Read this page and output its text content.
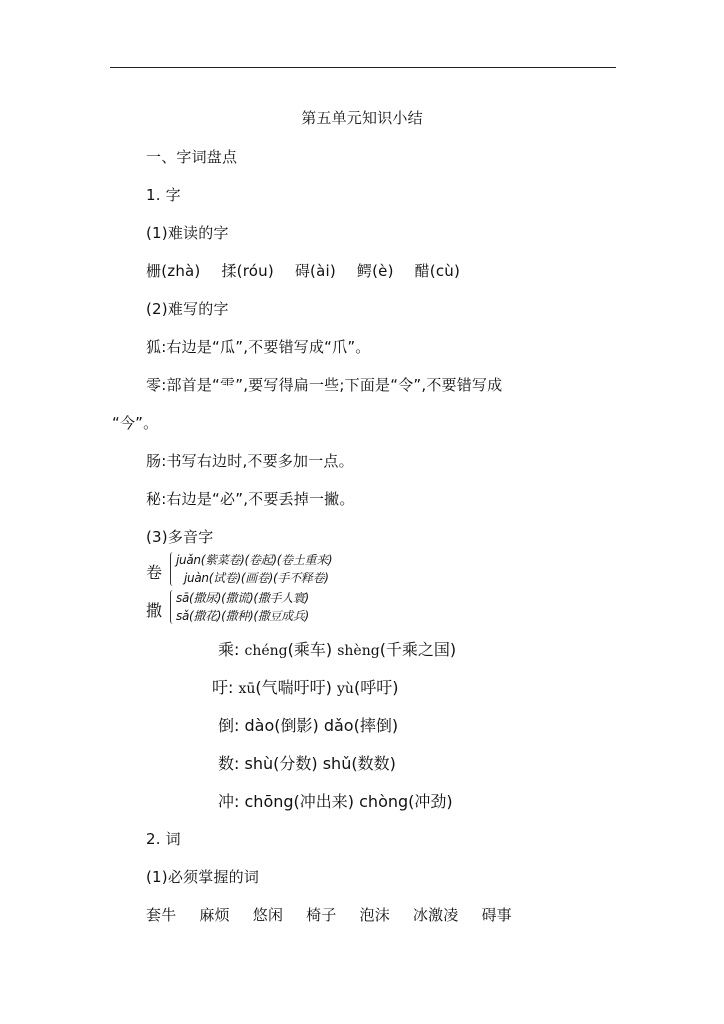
第五单元知识小结
一、字词盘点
1. 字
(1)难读的字
栅(zhà) 揉(róu) 碍(ài) 鳄(è) 醋(cù)
(2)难写的字
狐:右边是“瓜”,不要错写成“爪”。
零:部首是“⻗”,要写得扁一些;下面是“令”,不要错写成
“今”。
肠:书写右边时,不要多加一点。
秘:右边是“必”,不要丢掉一撇。
(3)多音字
卷
juǎn(紫菜卷)(卷起)(卷土重来)
juàn(试卷)(画卷)(手不释卷)
撒
sā(撒尿)(撒谎)(撒手人寰)
sǎ(撒花)(撒种)(撒豆成兵)
乘: chéng(乘车) shèng(千乘之国)
吁: xū(气喘吁吁) yù(呼吁)
倒: dào(倒影) dǎo(摔倒)
数: shù(分数) shǔ(数数)
冲: chōng(冲出来) chòng(冲劲)
2. 词
(1)必须掌握的词
套牛 麻烦 悠闲 椅子 泡沫 冰激凌 碍事
